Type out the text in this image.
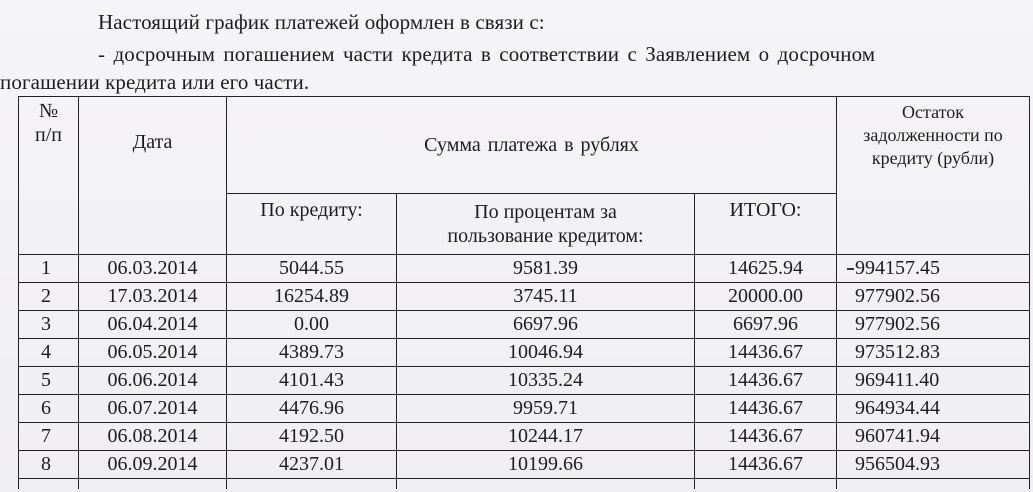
Настоящий график платежей оформлен в связи с:
- досрочным погашением части кредита в соответствии с Заявлением о досрочном
погашении кредита или его части.
№ п/п	Дата	Сумма платежа в рублях			Остаток задолженности по кредиту (рубли)
		По кредиту:	По процентам за пользование кредитом:	ИТОГО:	
1	06.03.2014	5044.55	9581.39	14625.94	994157.45
2	17.03.2014	16254.89	3745.11	20000.00	977902.56
3	06.04.2014	0.00	6697.96	6697.96	977902.56
4	06.05.2014	4389.73	10046.94	14436.67	973512.83
5	06.06.2014	4101.43	10335.24	14436.67	969411.40
6	06.07.2014	4476.96	9959.71	14436.67	964934.44
7	06.08.2014	4192.50	10244.17	14436.67	960741.94
8	06.09.2014	4237.01	10199.66	14436.67	956504.93
